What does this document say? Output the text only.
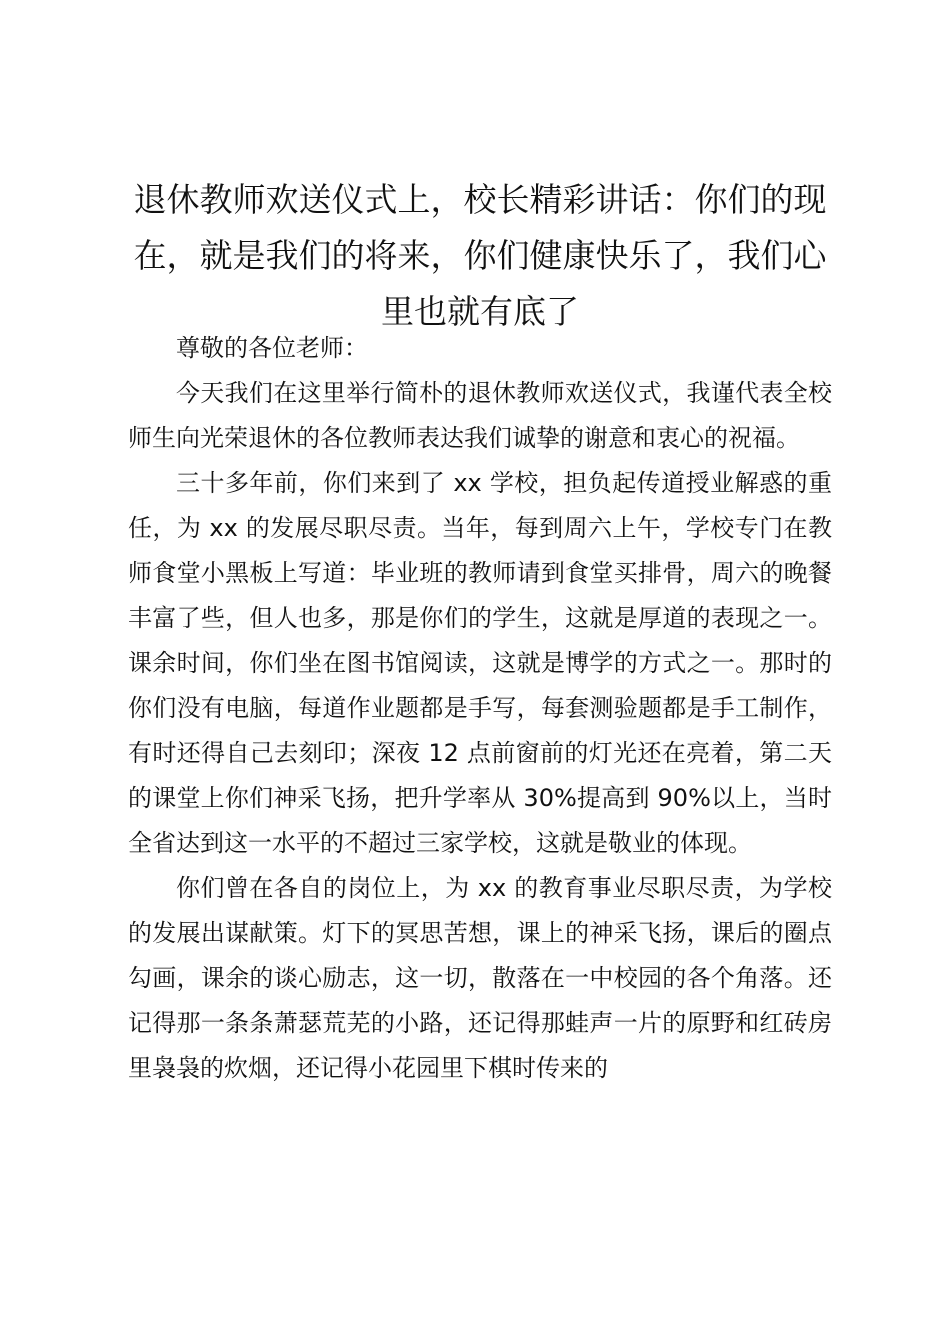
退休教师欢送仪式上，校长精彩讲话：你们的现在，就是我们的将来，你们健康快乐了，我们心里也就有底了

尊敬的各位老师：

今天我们在这里举行简朴的退休教师欢送仪式，我谨代表全校师生向光荣退休的各位教师表达我们诚挚的谢意和衷心的祝福。

三十多年前，你们来到了 xx 学校，担负起传道授业解惑的重任，为 xx 的发展尽职尽责。当年，每到周六上午，学校专门在教师食堂小黑板上写道：毕业班的教师请到食堂买排骨，周六的晚餐丰富了些，但人也多，那是你们的学生，这就是厚道的表现之一。课余时间，你们坐在图书馆阅读，这就是博学的方式之一。那时的你们没有电脑，每道作业题都是手写，每套测验题都是手工制作，有时还得自己去刻印；深夜 12 点前窗前的灯光还在亮着，第二天的课堂上你们神采飞扬，把升学率从 30%提高到 90%以上，当时全省达到这一水平的不超过三家学校，这就是敬业的体现。

你们曾在各自的岗位上，为 xx 的教育事业尽职尽责，为学校的发展出谋献策。灯下的冥思苦想，课上的神采飞扬，课后的圈点勾画，课余的谈心励志，这一切，散落在一中校园的各个角落。还记得那一条条萧瑟荒芜的小路，还记得那蛙声一片的原野和红砖房里袅袅的炊烟，还记得小花园里下棋时传来的
